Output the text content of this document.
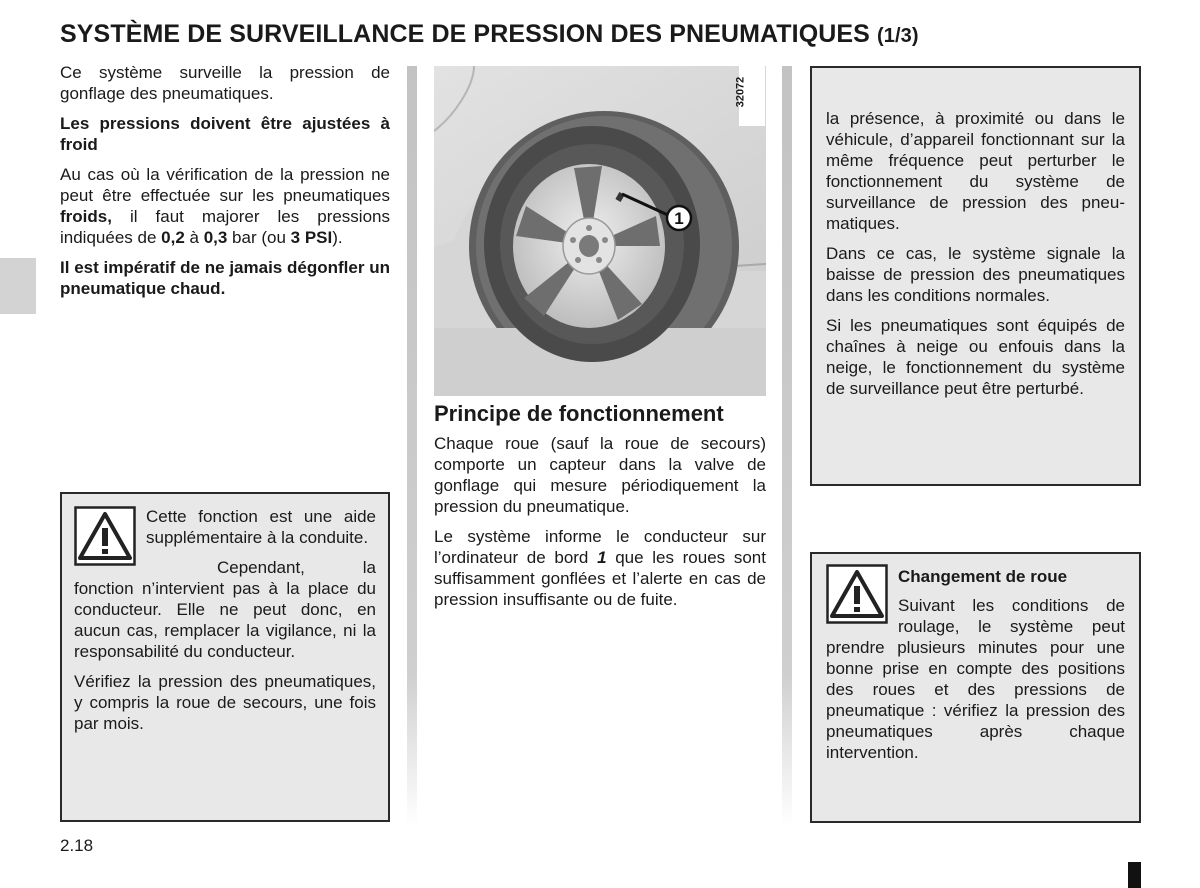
SYSTÈME DE SURVEILLANCE DE PRESSION DES PNEUMATIQUES (1/3)

Ce système surveille la pression de gonflage des pneumatiques.

Les pressions doivent être ajustées à froid

Au cas où la vérification de la pression ne peut être effectuée sur les pneumatiques froids, il faut majorer les pressions indiquées de 0,2 à 0,3 bar (ou 3 PSI).

Il est impératif de ne jamais dégonfler un pneumatique chaud.

Cette fonction est une aide supplémentaire à la conduite.

Cependant, la fonction n’intervient pas à la place du conducteur. Elle ne peut donc, en aucun cas, remplacer la vigilance, ni la responsabilité du conducteur.

Vérifiez la pression des pneumatiques, y compris la roue de secours, une fois par mois.

1
32072
Principe de fonctionnement

Chaque roue (sauf la roue de secours) comporte un capteur dans la valve de gonflage qui mesure périodiquement la pression du pneumatique.

Le système informe le conducteur sur l’ordinateur de bord 1 que les roues sont suffisamment gonflées et l’alerte en cas de pression insuffisante ou de fuite.

la présence, à proximité ou dans le véhicule, d’appareil fonctionnant sur la même fréquence peut perturber le fonctionnement du système de surveillance de pression des pneumatiques.

Dans ce cas, le système signale la baisse de pression des pneumatiques dans les conditions normales.

Si les pneumatiques sont équipés de chaînes à neige ou enfouis dans la neige, le fonctionnement du système de surveillance peut être perturbé.

Changement de roue

Suivant les conditions de roulage, le système peut prendre plusieurs minutes pour une bonne prise en compte des positions des roues et des pressions de pneumatique : vérifiez la pression des pneumatiques après chaque intervention.

2.18
